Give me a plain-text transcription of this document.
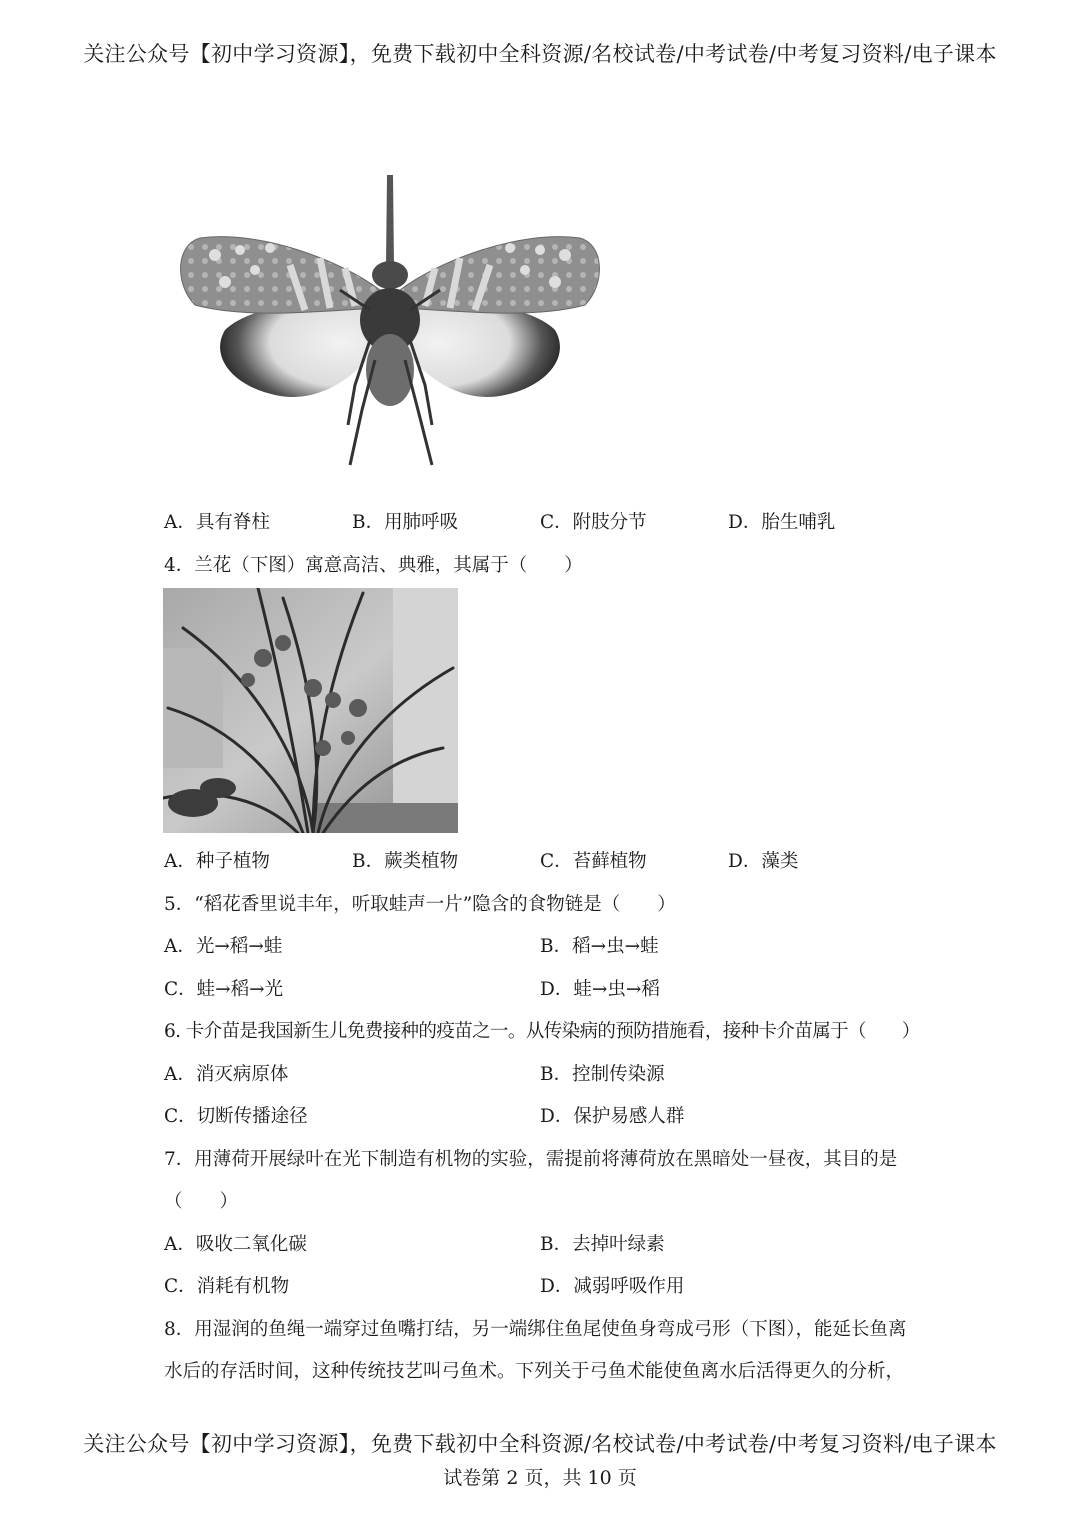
关注公众号【初中学习资源】，免费下载初中全科资源/名校试卷/中考试卷/中考复习资料/电子课本
A．具有脊柱	B．用肺呼吸	C．附肢分节	D．胎生哺乳
4．兰花（下图）寓意高洁、典雅，其属于（　　）
A．种子植物	B．蕨类植物	C．苔藓植物	D．藻类
5．“稻花香里说丰年，听取蛙声一片”隐含的食物链是（　　）
A．光→稻→蛙	B．稻→虫→蛙
C．蛙→稻→光	D．蛙→虫→稻
6. 卡介苗是我国新生儿免费接种的疫苗之一。从传染病的预防措施看，接种卡介苗属于（　　）
A．消灭病原体	B．控制传染源
C．切断传播途径	D．保护易感人群
7．用薄荷开展绿叶在光下制造有机物的实验，需提前将薄荷放在黑暗处一昼夜，其目的是
（　　）
A．吸收二氧化碳	B．去掉叶绿素
C．消耗有机物	D．减弱呼吸作用
8．用湿润的鱼绳一端穿过鱼嘴打结，另一端绑住鱼尾使鱼身弯成弓形（下图），能延长鱼离
水后的存活时间，这种传统技艺叫弓鱼术。下列关于弓鱼术能使鱼离水后活得更久的分析，
关注公众号【初中学习资源】，免费下载初中全科资源/名校试卷/中考试卷/中考复习资料/电子课本
试卷第 2 页，共 10 页
